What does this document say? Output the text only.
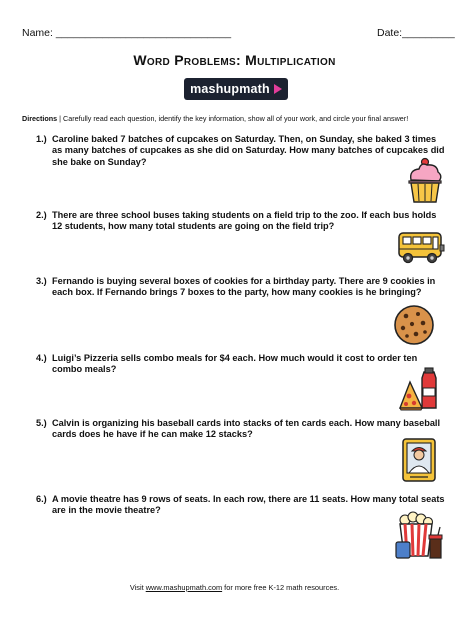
Name: ______________________________	Date:_________
Word Problems: Multiplication
mashupmath
Directions | Carefully read each question, identify the key information, show all of your work, and circle your final answer!
1.) Caroline baked 7 batches of cupcakes on Saturday. Then, on Sunday, she baked 3 times as many batches of cupcakes as she did on Saturday. How many batches of cupcakes did she bake on Sunday?
2.) There are three school buses taking students on a field trip to the zoo. If each bus holds 12 students, how many total students are going on the field trip?
3.) Fernando is buying several boxes of cookies for a birthday party. There are 9 cookies in each box. If Fernando brings 7 boxes to the party, how many cookies is he bringing?
4.) Luigi’s Pizzeria sells combo meals for $4 each. How much would it cost to order ten combo meals?
5.) Calvin is organizing his baseball cards into stacks of ten cards each. How many baseball cards does he have if he can make 12 stacks?
6.) A movie theatre has 9 rows of seats. In each row, there are 11 seats. How many total seats are in the movie theatre?
Visit www.mashupmath.com for more free K-12 math resources.
